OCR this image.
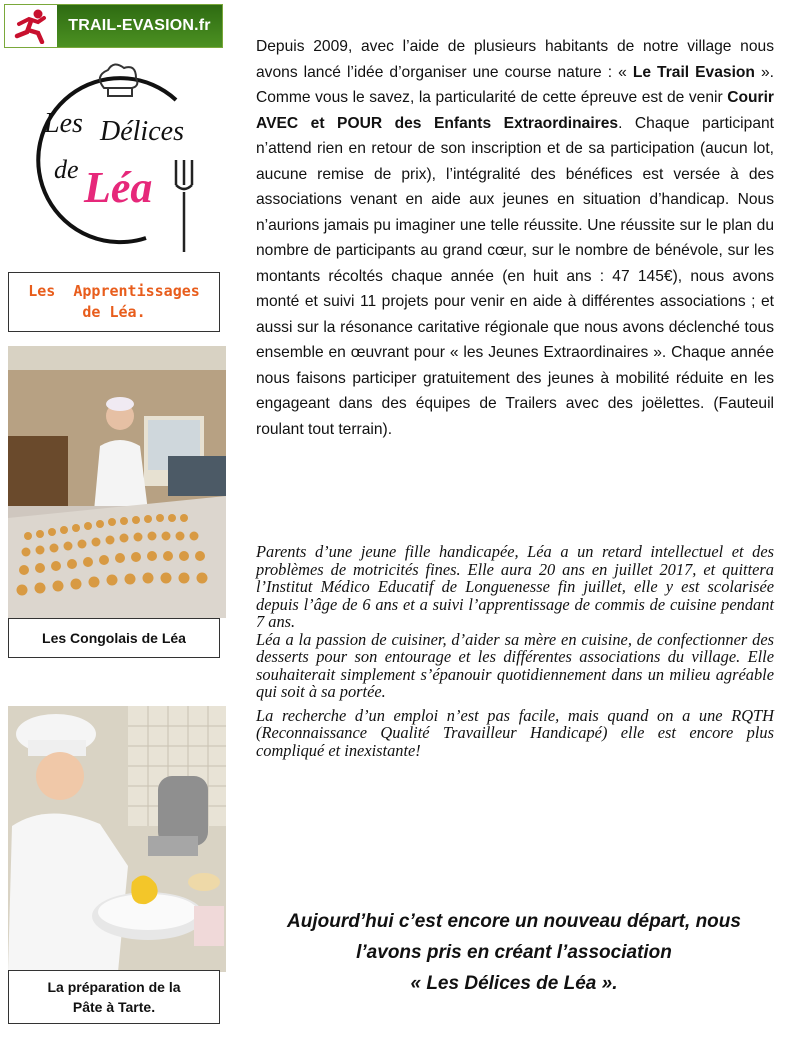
TRAIL-EVASION.fr
Les Délices
de Léa
Les  Apprentissages
de Léa.
Les Congolais de Léa
La préparation de la
Pâte à Tarte.
Depuis 2009, avec l’aide de plusieurs habitants de notre village nous avons lancé l’idée d’organiser une course nature : « Le Trail Evasion ». Comme vous le savez, la particularité de cette épreuve est de venir Courir AVEC et POUR des Enfants Extraordinaires. Chaque participant n’attend rien en retour de son inscription et de sa participation (aucun lot, aucune remise de prix), l’intégralité des bénéfices est versée à des associations venant en aide aux jeunes en situation d’handicap. Nous n’aurions jamais pu imaginer une telle réussite. Une réussite sur le plan du nombre de participants au grand cœur, sur le nombre de bénévole, sur les montants récoltés chaque année (en huit ans : 47 145€), nous avons monté et suivi 11 projets pour venir en aide à différentes associations ; et aussi sur la résonance caritative régionale que nous avons déclenché tous ensemble en œuvrant pour « les Jeunes Extraordinaires ». Chaque année nous faisons participer gratuitement des jeunes à mobilité réduite en les engageant dans des équipes de Trailers avec des joëlettes. (Fauteuil roulant tout terrain).

Parents d’une jeune fille handicapée, Léa a un retard intellectuel et des problèmes de motricités fines. Elle aura 20 ans en juillet 2017, et quittera l’Institut Médico Educatif de Longuenesse fin juillet, elle y est scolarisée depuis l’âge de 6 ans et a suivi l’apprentissage de commis de cuisine pendant 7 ans.

Léa a la passion de cuisiner, d’aider sa mère en cuisine, de confectionner des desserts pour son entourage et les différentes associations du village. Elle souhaiterait simplement s’épanouir quotidiennement dans un milieu agréable qui soit à sa portée.

La recherche d’un emploi n’est pas facile, mais quand on a une RQTH (Reconnaissance Qualité Travailleur Handicapé) elle est encore plus compliqué et inexistante!

Aujourd’hui c’est encore un nouveau départ, nous
l’avons pris en créant l’association
« Les Délices de Léa ».
